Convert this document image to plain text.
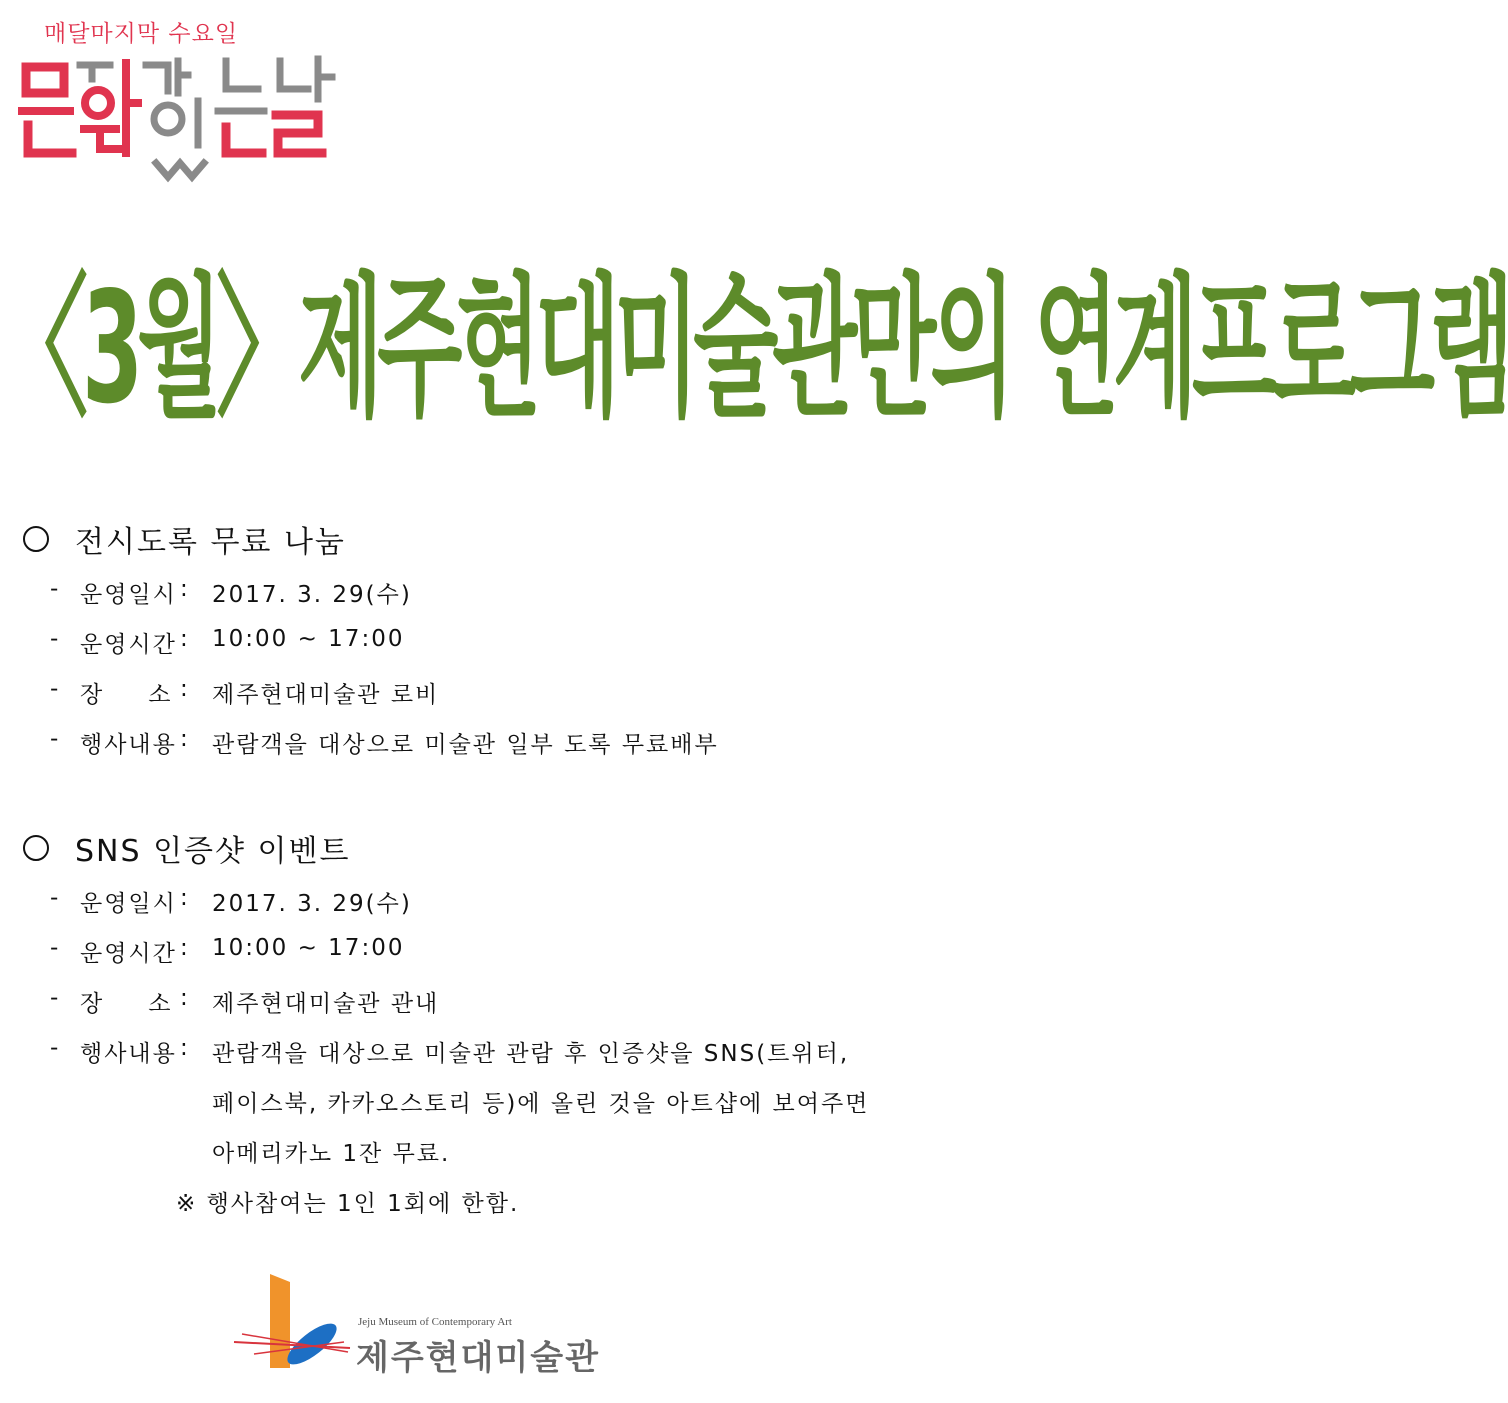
매달마지막 수요일
〈3월〉제주현대미술관만의 연계프로그램
전시도록 무료 나눔
- 운영일시 : 2017. 3. 29(수)
- 운영시간 : 10:00 ~ 17:00
- 장　　소 : 제주현대미술관 로비
- 행사내용 : 관람객을 대상으로 미술관 일부 도록 무료배부
SNS 인증샷 이벤트
- 운영일시 : 2017. 3. 29(수)
- 운영시간 : 10:00 ~ 17:00
- 장　　소 : 제주현대미술관 관내
- 행사내용 : 관람객을 대상으로 미술관 관람 후 인증샷을 SNS(트위터,
페이스북, 카카오스토리 등)에 올린 것을 아트샵에 보여주면
아메리카노 1잔 무료.
※ 행사참여는 1인 1회에 한함.
Jeju Museum of Contemporary Art
제주현대미술관
